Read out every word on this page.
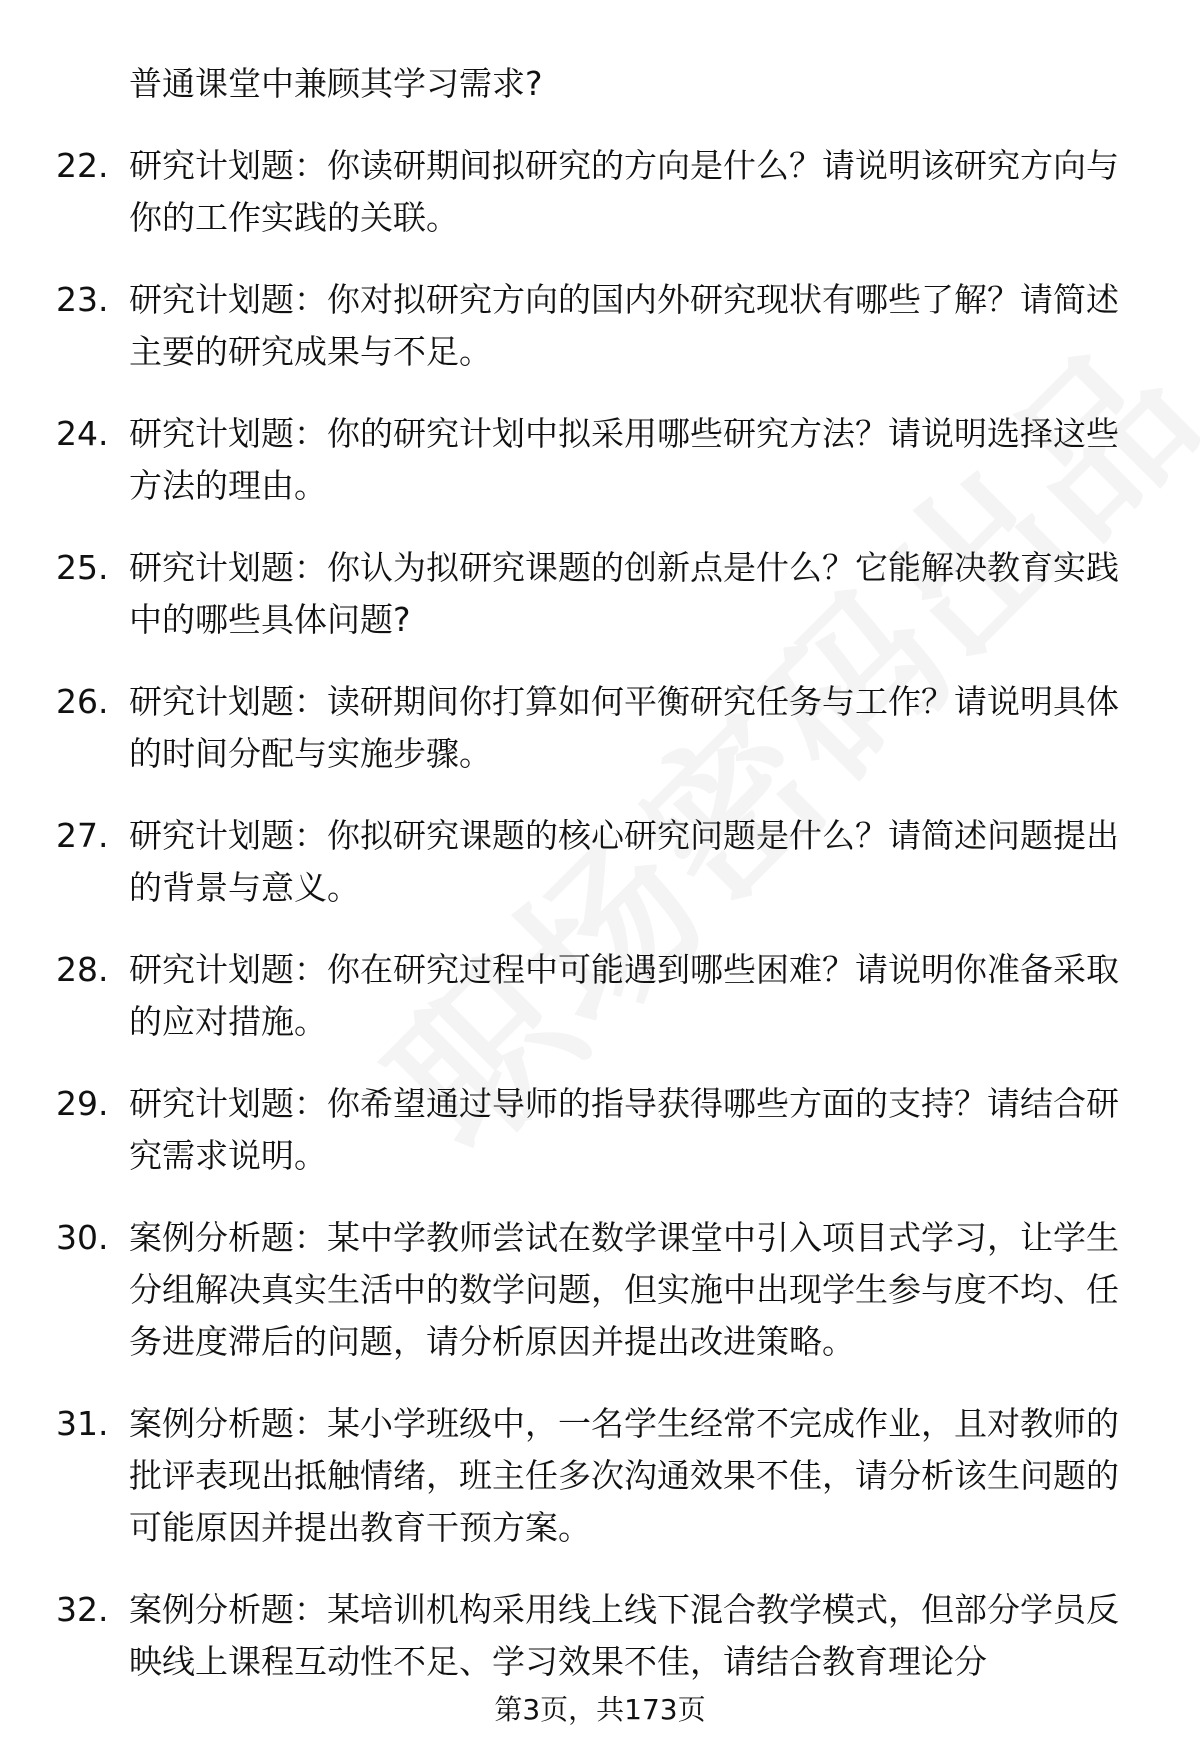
普通课堂中兼顾其学习需求?
22. 研究计划题：你读研期间拟研究的方向是什么？请说明该研究方向与你的工作实践的关联。
23. 研究计划题：你对拟研究方向的国内外研究现状有哪些了解？请简述主要的研究成果与不足。
24. 研究计划题：你的研究计划中拟采用哪些研究方法？请说明选择这些方法的理由。
25. 研究计划题：你认为拟研究课题的创新点是什么？它能解决教育实践中的哪些具体问题?
26. 研究计划题：读研期间你打算如何平衡研究任务与工作？请说明具体的时间分配与实施步骤。
27. 研究计划题：你拟研究课题的核心研究问题是什么？请简述问题提出的背景与意义。
28. 研究计划题：你在研究过程中可能遇到哪些困难？请说明你准备采取的应对措施。
29. 研究计划题：你希望通过导师的指导获得哪些方面的支持？请结合研究需求说明。
30. 案例分析题：某中学教师尝试在数学课堂中引入项目式学习，让学生分组解决真实生活中的数学问题，但实施中出现学生参与度不均、任务进度滞后的问题，请分析原因并提出改进策略。
31. 案例分析题：某小学班级中，一名学生经常不完成作业，且对教师的批评表现出抵触情绪，班主任多次沟通效果不佳，请分析该生问题的可能原因并提出教育干预方案。
32. 案例分析题：某培训机构采用线上线下混合教学模式，但部分学员反映线上课程互动性不足、学习效果不佳，请结合教育理论分
第3页，共173页
